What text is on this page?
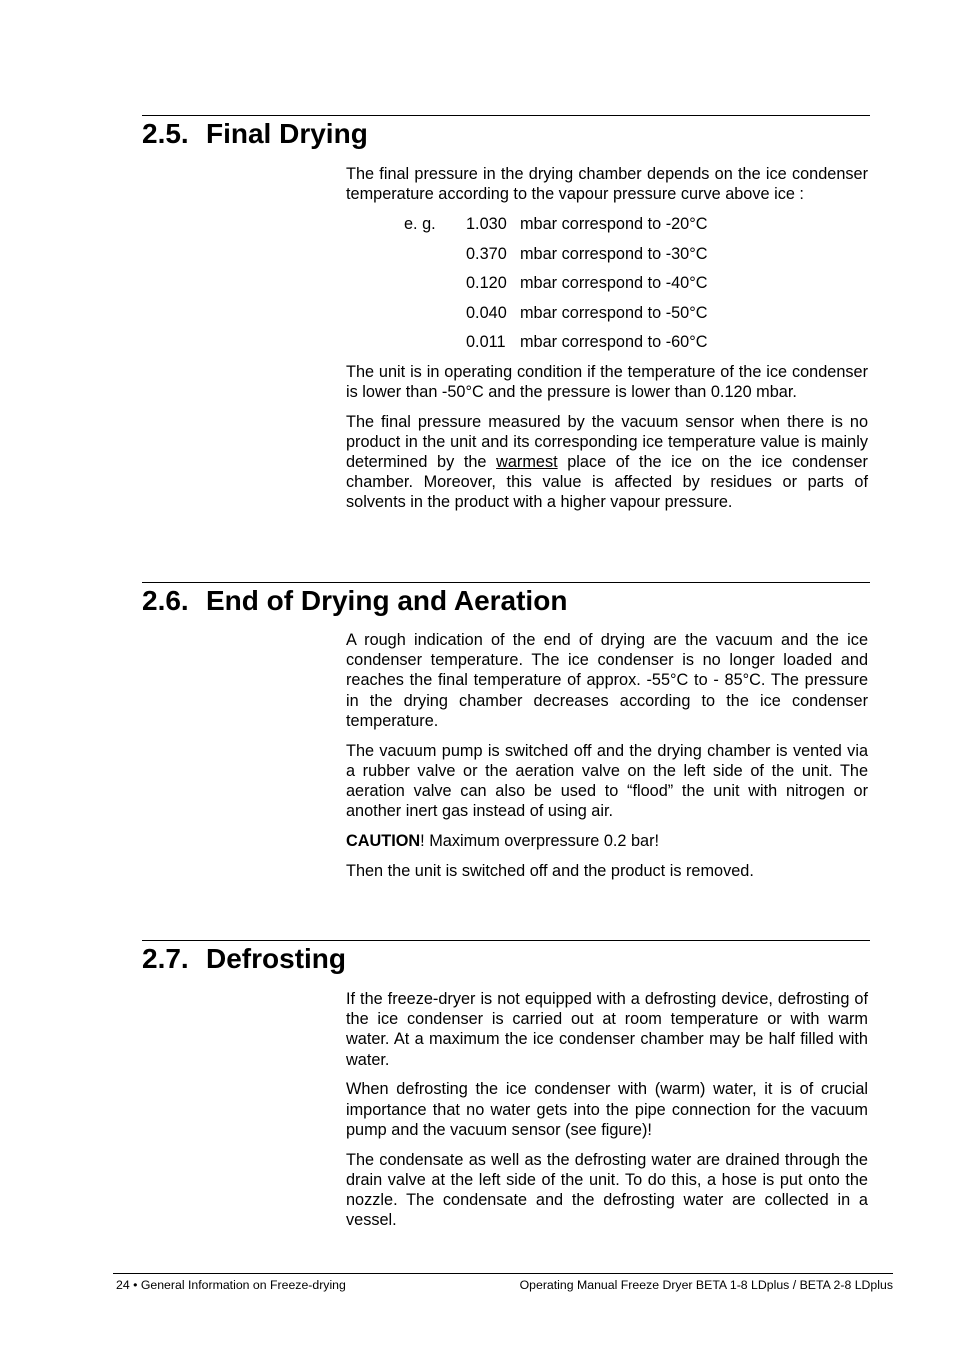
2.5. Final Drying

The final pressure in the drying chamber depends on the ice condenser temperature according to the vapour pressure curve above ice :

e. g. 1.030 mbar correspond to -20°C
0.370 mbar correspond to -30°C
0.120 mbar correspond to -40°C
0.040 mbar correspond to -50°C
0.011 mbar correspond to -60°C

The unit is in operating condition if the temperature of the ice condenser is lower than -50°C and the pressure is lower than 0.120 mbar.

The final pressure measured by the vacuum sensor when there is no product in the unit and its corresponding ice temperature value is mainly determined by the warmest place of the ice on the ice condenser chamber. Moreover, this value is affected by residues or parts of solvents in the product with a higher vapour pressure.

2.6. End of Drying and Aeration

A rough indication of the end of drying are the vacuum and the ice condenser temperature. The ice condenser is no longer loaded and reaches the final temperature of approx. -55°C to - 85°C. The pressure in the drying chamber decreases according to the ice condenser temperature.

The vacuum pump is switched off and the drying chamber is vented via a rubber valve or the aeration valve on the left side of the unit. The aeration valve can also be used to “flood” the unit with nitrogen or another inert gas instead of using air.

CAUTION! Maximum overpressure 0.2 bar!

Then the unit is switched off and the product is removed.

2.7. Defrosting

If the freeze-dryer is not equipped with a defrosting device, defrosting of the ice condenser is carried out at room temperature or with warm water. At a maximum the ice condenser chamber may be half filled with water.

When defrosting the ice condenser with (warm) water, it is of crucial importance that no water gets into the pipe connection for the vacuum pump and the vacuum sensor (see figure)!

The condensate as well as the defrosting water are drained through the drain valve at the left side of the unit. To do this, a hose is put onto the nozzle. The condensate and the defrosting water are collected in a vessel.

24 • General Information on Freeze-drying	Operating Manual Freeze Dryer BETA 1-8 LDplus / BETA 2-8 LDplus
